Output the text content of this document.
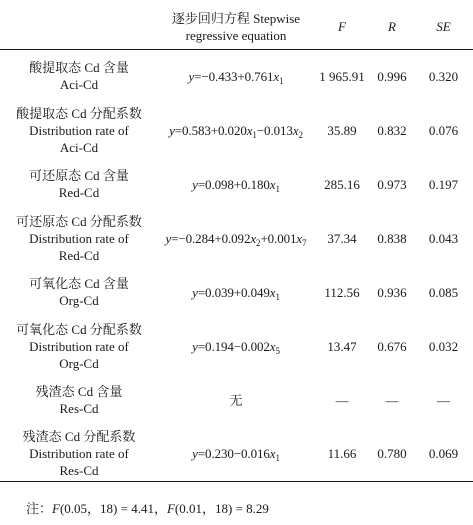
	逐步回归方程 Stepwise
regressive equation	F	R	SE

酸提取态 Cd 含量
Aci-Cd	$y=-0.433+0.761x_1$	1 965.91	0.996	0.320

酸提取态 Cd 分配系数
Distribution rate of
Aci-Cd	$y=0.583+0.020x_1-0.013x_2$	35.89	0.832	0.076

可还原态 Cd 含量
Red-Cd	$y=0.098+0.180x_1$	285.16	0.973	0.197

可还原态 Cd 分配系数
Distribution rate of
Red-Cd	$y=-0.284+0.092x_2+0.001x_7$	37.34	0.838	0.043

可氧化态 Cd 含量
Org-Cd	$y=0.039+0.049x_1$	112.56	0.936	0.085

可氧化态 Cd 分配系数
Distribution rate of
Org-Cd	$y=0.194-0.002x_5$	13.47	0.676	0.032

残渣态 Cd 含量
Res-Cd	无	—	—	—

残渣态 Cd 分配系数
Distribution rate of
Res-Cd	$y=0.230-0.016x_1$	11.66	0.780	0.069
注：F(0.05，18) = 4.41，F(0.01，18) = 8.29
